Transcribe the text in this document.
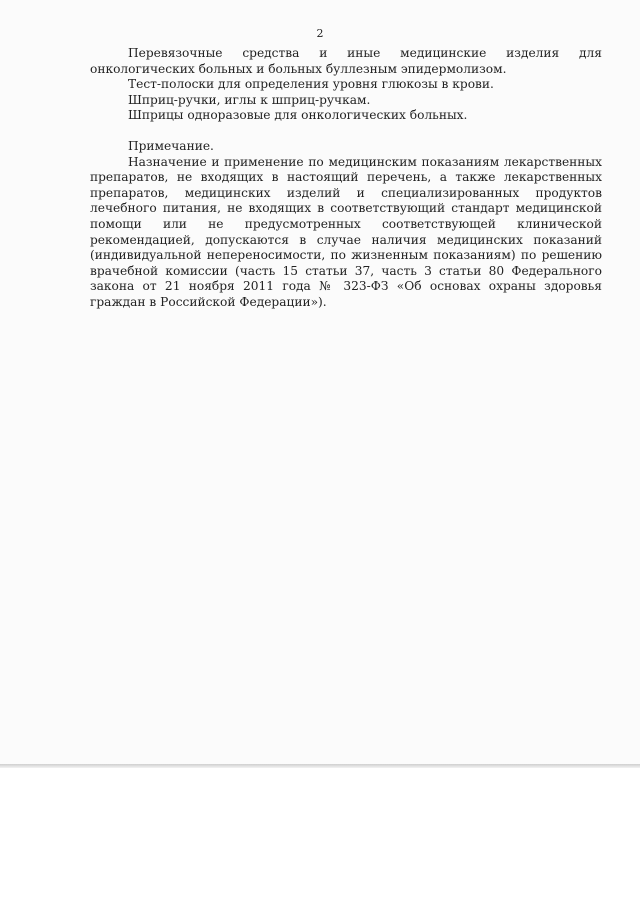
2

Перевязочные средства и иные медицинские изделия для онкологических больных и больных буллезным эпидермолизом.

Тест-полоски для определения уровня глюкозы в крови.

Шприц-ручки, иглы к шприц-ручкам.

Шприцы одноразовые для онкологических больных.

Примечание.

Назначение и применение по медицинским показаниям лекарственных препаратов, не входящих в настоящий перечень, а также лекарственных препаратов, медицинских изделий и специализированных продуктов лечебного питания, не входящих в соответствующий стандарт медицинской помощи или не предусмотренных соответствующей клинической рекомендацией, допускаются в случае наличия медицинских показаний (индивидуальной непереносимости, по жизненным показаниям) по решению врачебной комиссии (часть 15 статьи 37, часть 3 статьи 80 Федерального закона от 21 ноября 2011 года № 323-ФЗ «Об основах охраны здоровья граждан в Российской Федерации»).
